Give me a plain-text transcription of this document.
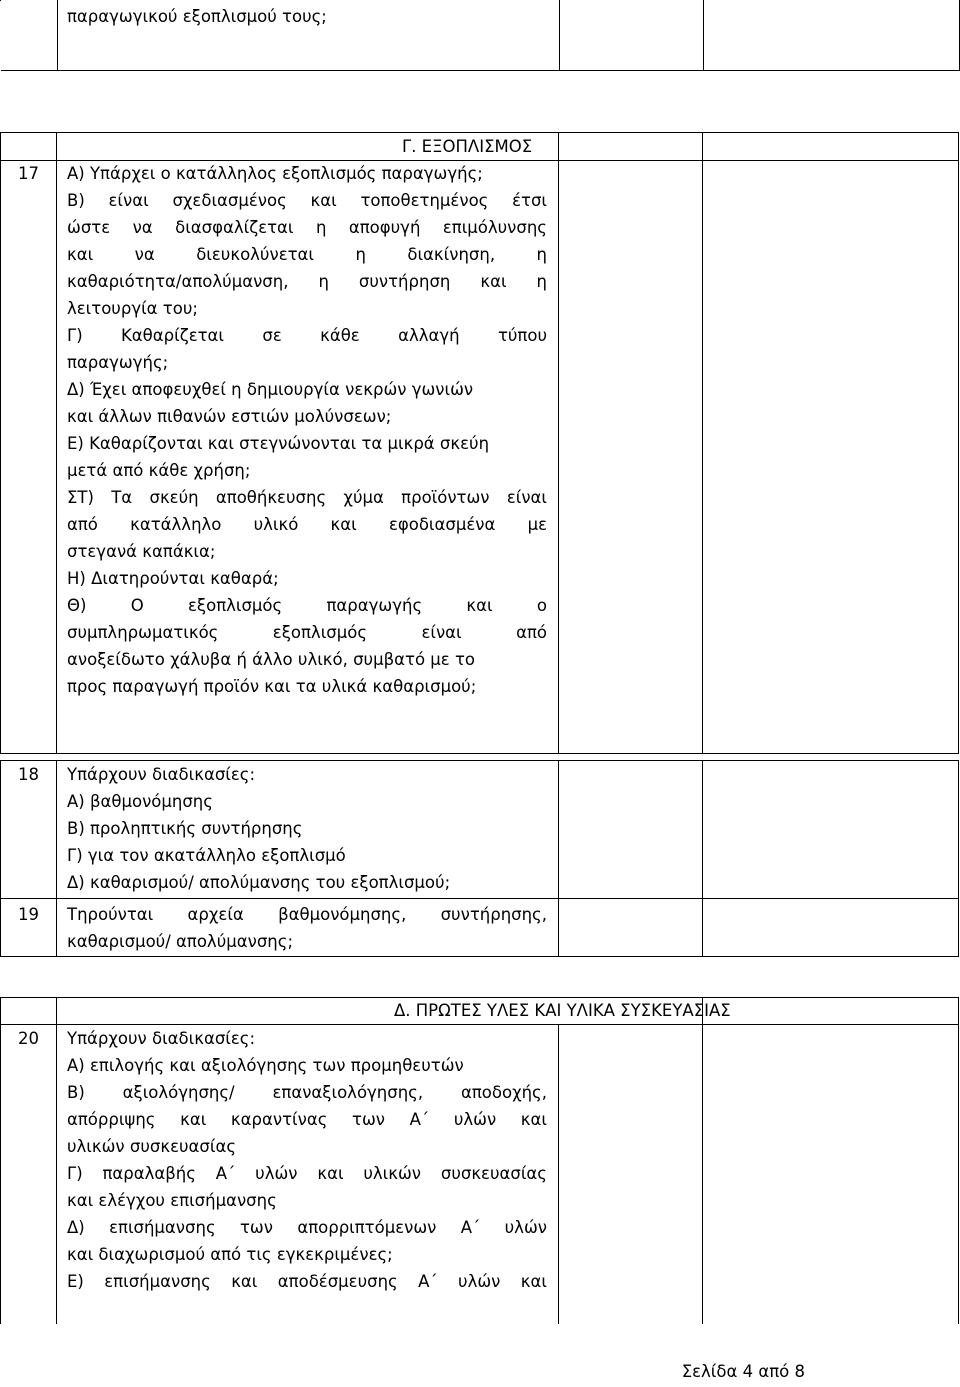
παραγωγικού εξοπλισμού τους;
Γ. ΕΞΟΠΛΙΣΜΟΣ
17 Α) Υπάρχει ο κατάλληλος εξοπλισμός παραγωγής;
Β) είναι σχεδιασμένος και τοποθετημένος έτσι
ώστε να διασφαλίζεται η αποφυγή επιμόλυνσης
και να διευκολύνεται η διακίνηση, η
καθαριότητα/απολύμανση, η συντήρηση και η
λειτουργία του;
Γ) Καθαρίζεται σε κάθε αλλαγή τύπου
παραγωγής;
Δ) Έχει αποφευχθεί η δημιουργία νεκρών γωνιών
και άλλων πιθανών εστιών μολύνσεων;
Ε) Καθαρίζονται και στεγνώνονται τα μικρά σκεύη
μετά από κάθε χρήση;
ΣΤ) Τα σκεύη αποθήκευσης χύμα προϊόντων είναι
από κατάλληλο υλικό και εφοδιασμένα με
στεγανά καπάκια;
Η) Διατηρούνται καθαρά;
Θ) Ο εξοπλισμός παραγωγής και ο
συμπληρωματικός εξοπλισμός είναι από
ανοξείδωτο χάλυβα ή άλλο υλικό, συμβατό με το
προς παραγωγή προϊόν και τα υλικά καθαρισμού;
18 Υπάρχουν διαδικασίες:
Α) βαθμονόμησης
Β) προληπτικής συντήρησης
Γ) για τον ακατάλληλο εξοπλισμό
Δ) καθαρισμού/ απολύμανσης του εξοπλισμού;
19 Τηρούνται αρχεία βαθμονόμησης, συντήρησης,
καθαρισμού/ απολύμανσης;
Δ. ΠΡΩΤΕΣ ΥΛΕΣ ΚΑΙ ΥΛΙΚΑ ΣΥΣΚΕΥΑΣΙΑΣ
20 Υπάρχουν διαδικασίες:
Α) επιλογής και αξιολόγησης των προμηθευτών
Β) αξιολόγησης/ επαναξιολόγησης, αποδοχής,
απόρριψης και καραντίνας των Α΄ υλών και
υλικών συσκευασίας
Γ) παραλαβής Α΄ υλών και υλικών συσκευασίας
και ελέγχου επισήμανσης
Δ) επισήμανσης των απορριπτόμενων Α΄ υλών
και διαχωρισμού από τις εγκεκριμένες;
Ε) επισήμανσης και αποδέσμευσης Α΄ υλών και
Σελίδα 4 από 8
